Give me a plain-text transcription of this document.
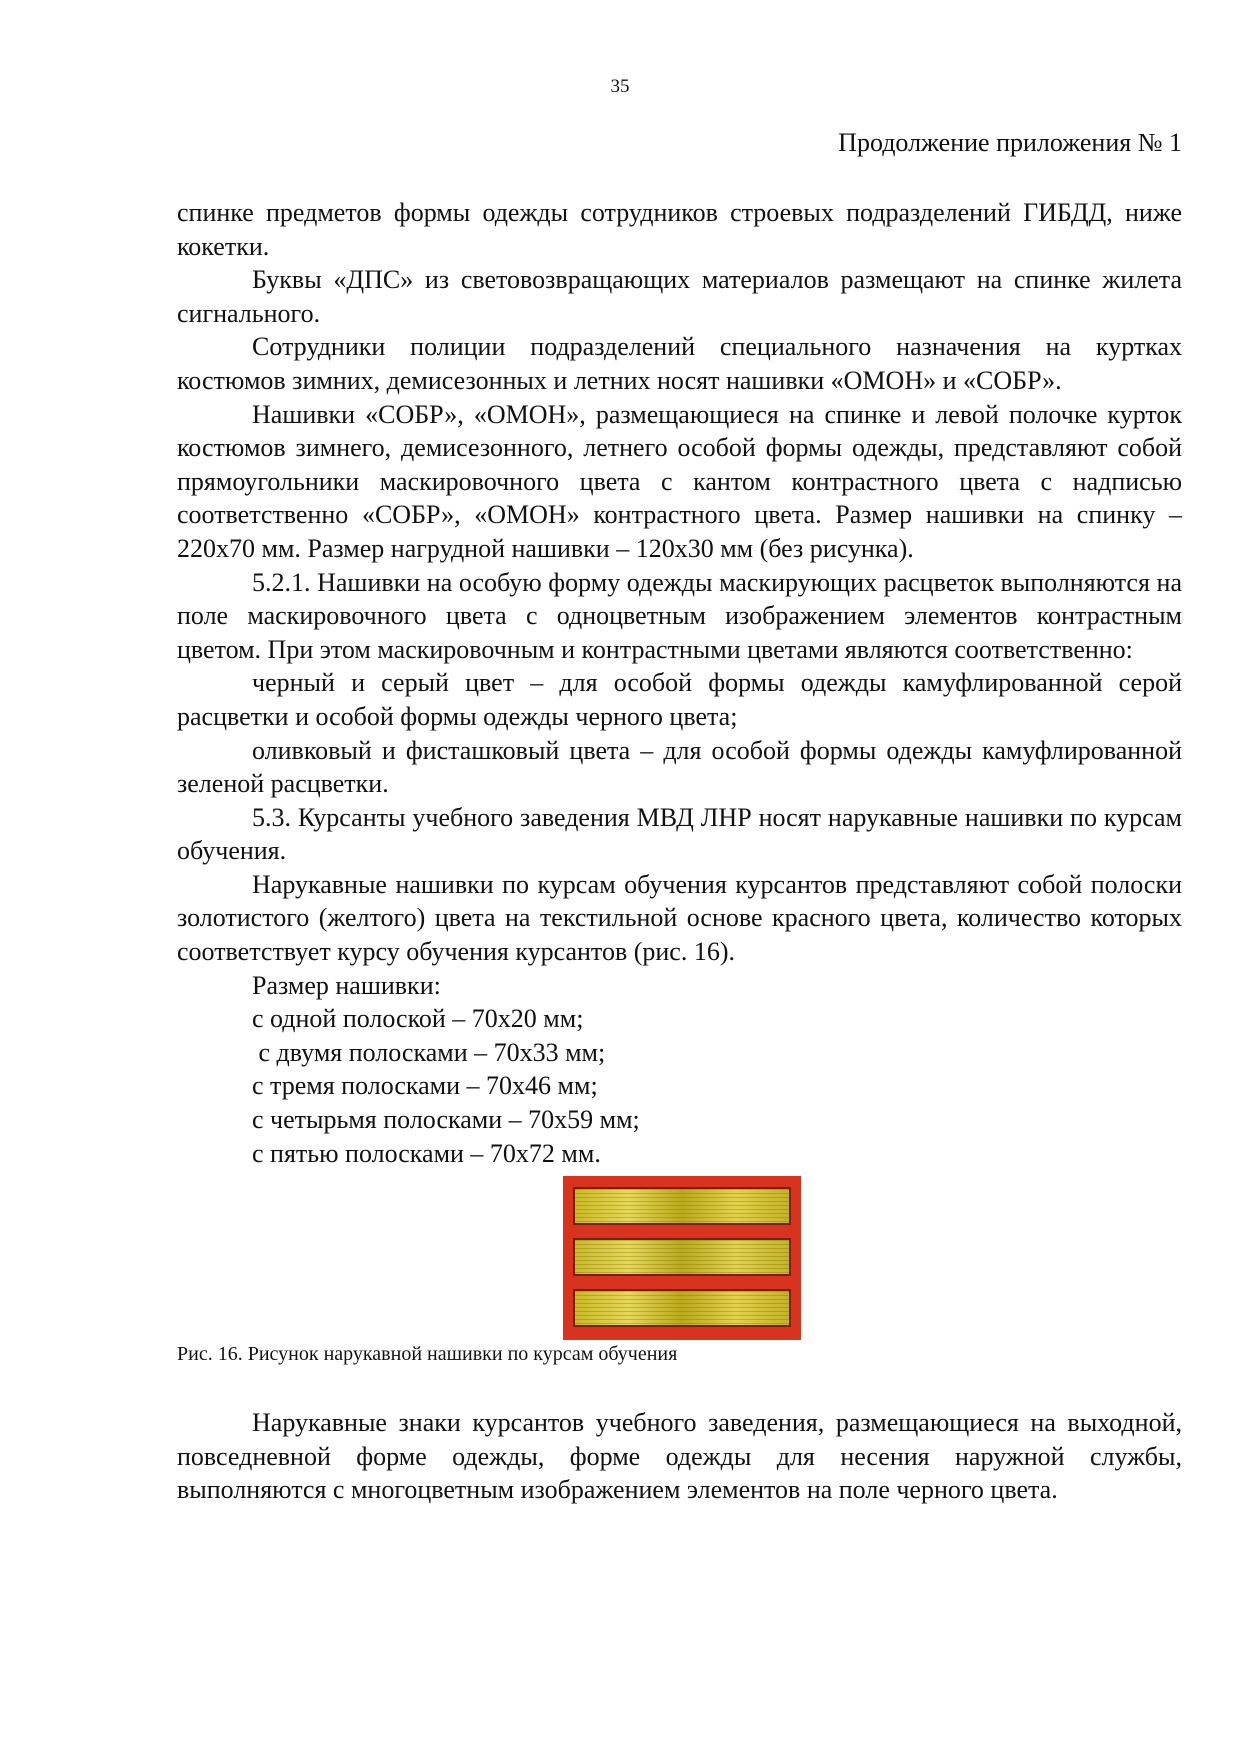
35
Продолжение приложения № 1

спинке предметов формы одежды сотрудников строевых подразделений ГИБДД, ниже кокетки.

Буквы «ДПС» из световозвращающих материалов размещают на спинке жилета сигнального.

Сотрудники полиции подразделений специального назначения на куртках костюмов зимних, демисезонных и летних носят нашивки «ОМОН» и «СОБР».

Нашивки «СОБР», «ОМОН», размещающиеся на спинке и левой полочке курток костюмов зимнего, демисезонного, летнего особой формы одежды, представляют собой прямоугольники маскировочного цвета с кантом контрастного цвета с надписью соответственно «СОБР», «ОМОН» контрастного цвета. Размер нашивки на спинку – 220х70 мм. Размер нагрудной нашивки – 120х30 мм (без рисунка).

5.2.1. Нашивки на особую форму одежды маскирующих расцветок выполняются на поле маскировочного цвета с одноцветным изображением элементов контрастным цветом. При этом маскировочным и контрастными цветами являются соответственно:

черный и серый цвет – для особой формы одежды камуфлированной серой расцветки и особой формы одежды черного цвета;

оливковый и фисташковый цвета – для особой формы одежды камуфлированной зеленой расцветки.

5.3. Курсанты учебного заведения МВД ЛНР носят нарукавные нашивки по курсам обучения.

Нарукавные нашивки по курсам обучения курсантов представляют собой полоски золотистого (желтого) цвета на текстильной основе красного цвета, количество которых соответствует курсу обучения курсантов (рис. 16).

Размер нашивки:

с одной полоской – 70х20 мм;

с двумя полосками – 70х33 мм;

с тремя полосками – 70х46 мм;

с четырьмя полосками – 70х59 мм;

с пятью полосками – 70х72 мм.

Рис. 16. Рисунок нарукавной нашивки по курсам обучения

Нарукавные знаки курсантов учебного заведения, размещающиеся на выходной, повседневной форме одежды, форме одежды для несения наружной службы, выполняются с многоцветным изображением элементов на поле черного цвета.
